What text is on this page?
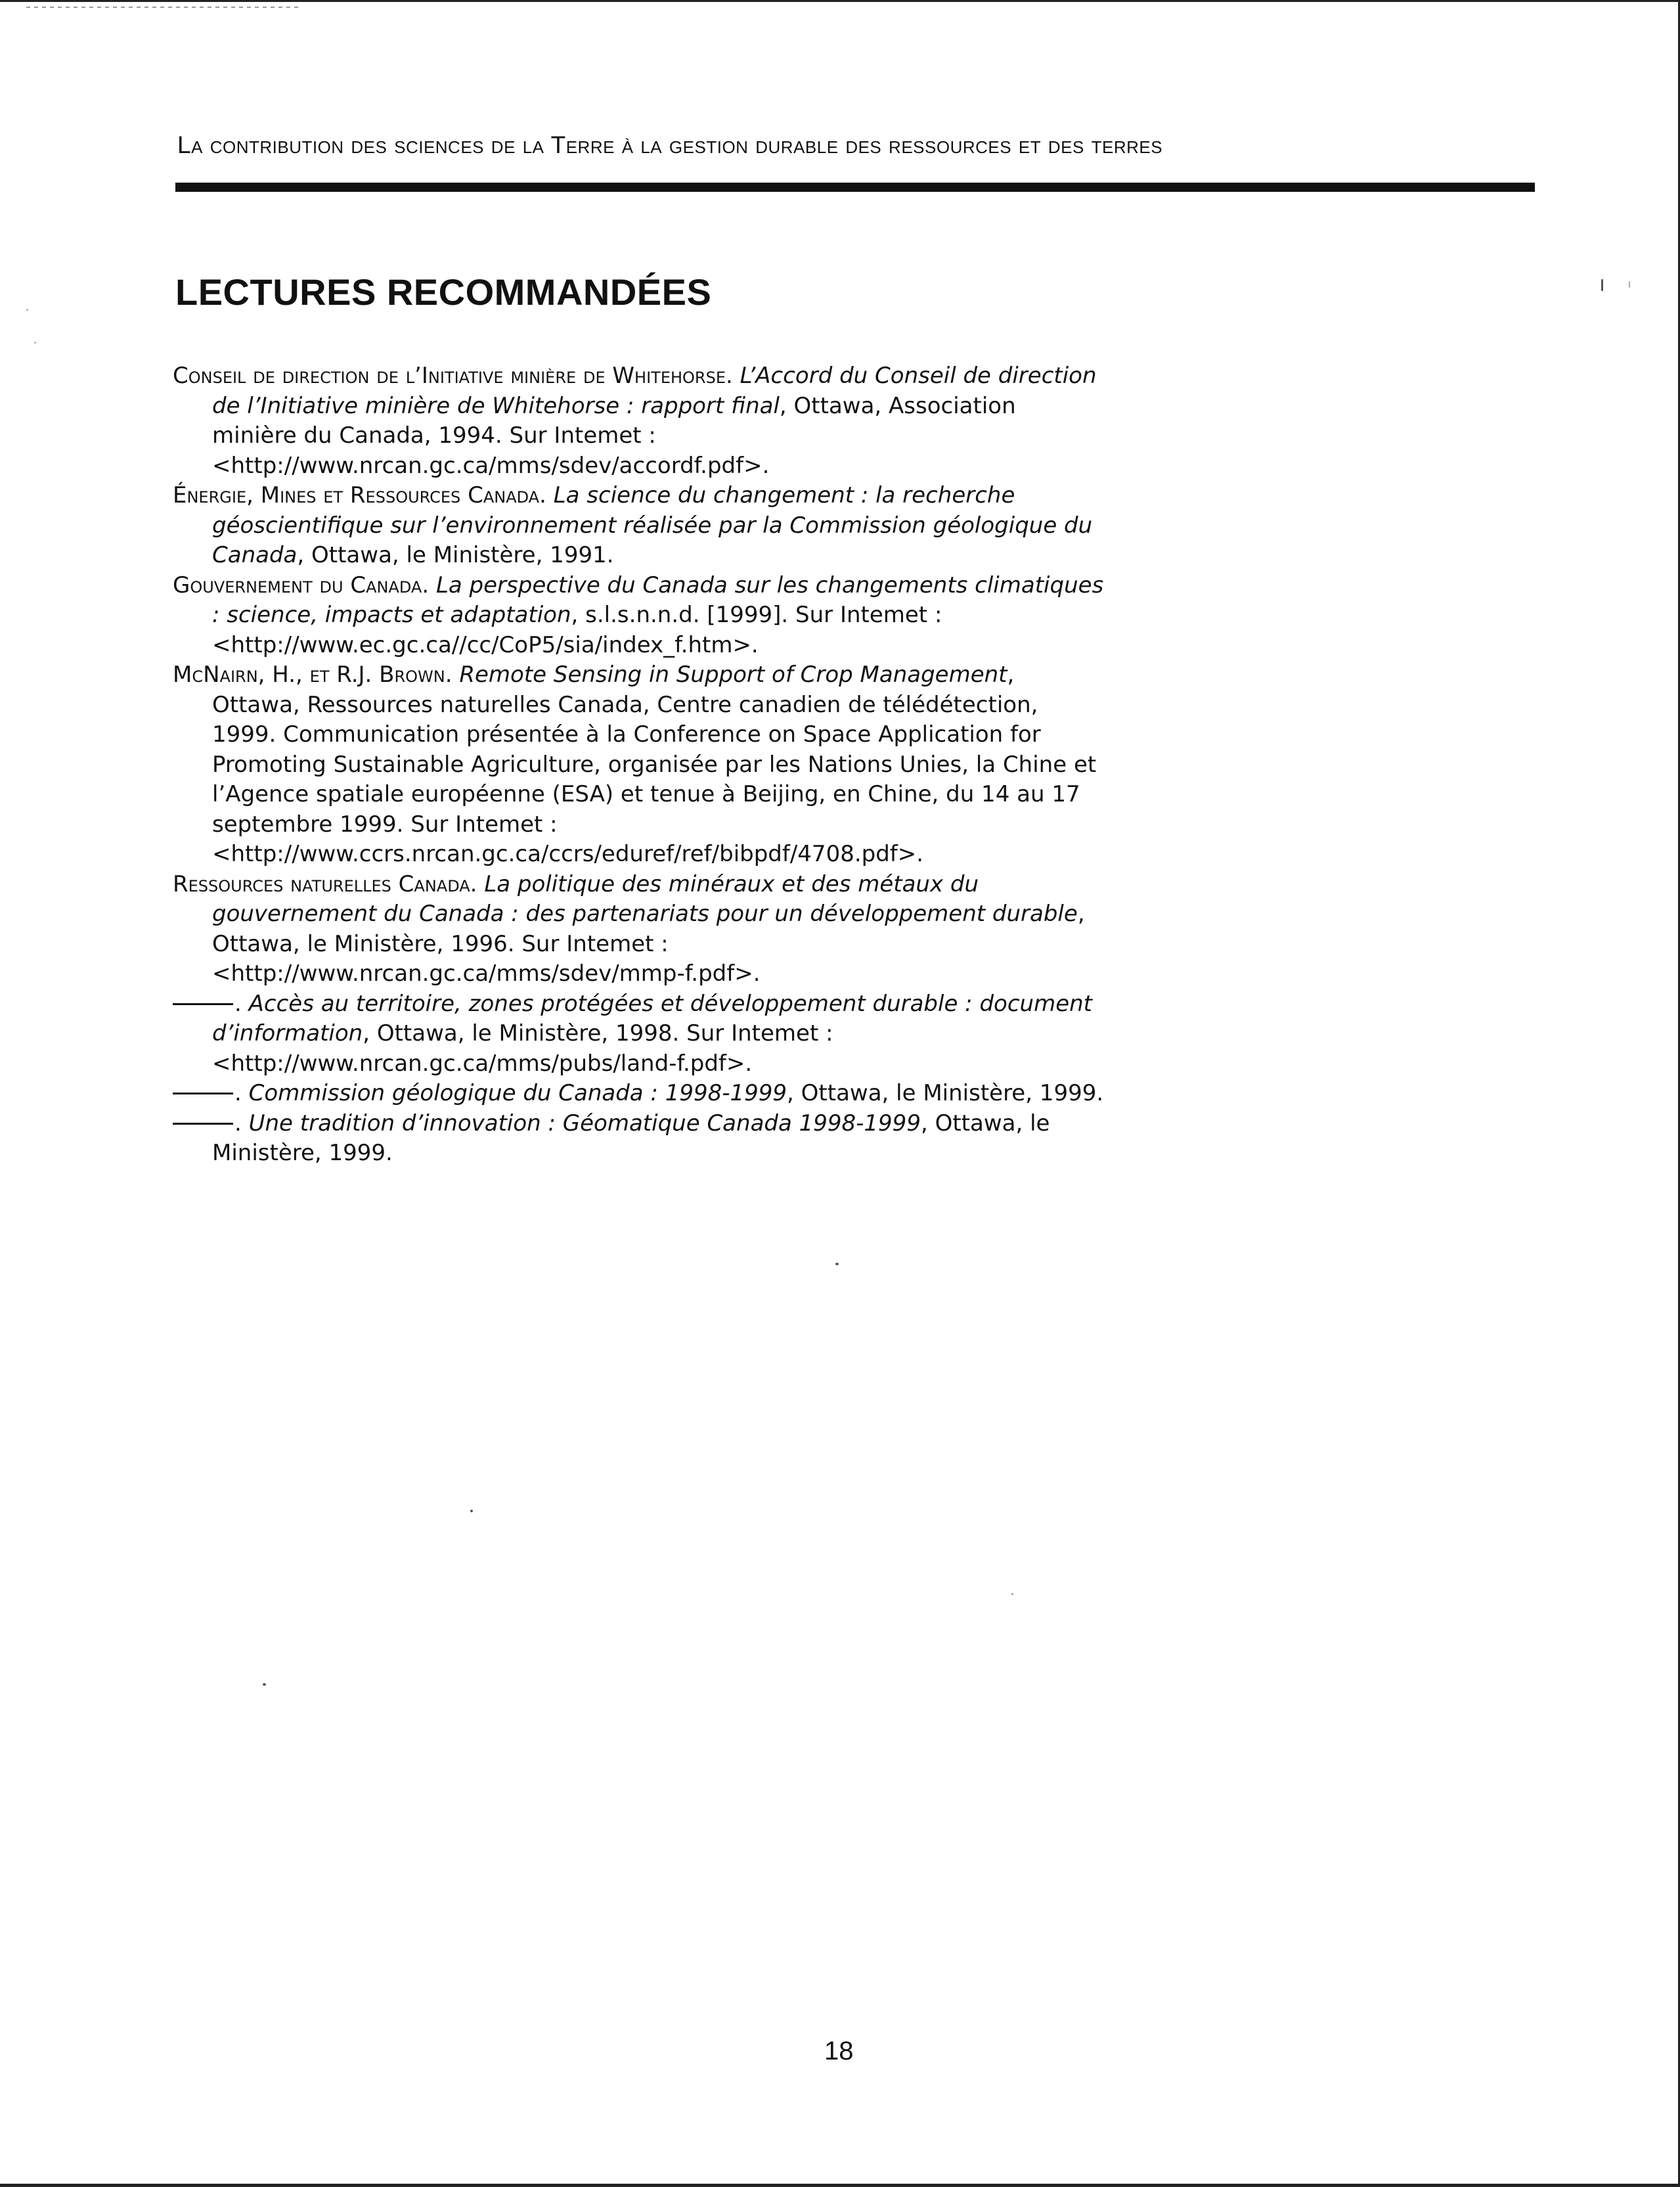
La contribution des sciences de la Terre à la gestion durable des ressources et des terres
LECTURES RECOMMANDÉES
Conseil de direction de l’Initiative minière de Whitehorse. L’Accord du Conseil de direction de l’Initiative minière de Whitehorse : rapport final, Ottawa, Association minière du Canada, 1994. Sur Intemet : <http://www.nrcan.gc.ca/mms/sdev/accordf.pdf>.
Énergie, Mines et Ressources Canada. La science du changement : la recherche géoscientifique sur l’environnement réalisée par la Commission géologique du Canada, Ottawa, le Ministère, 1991.
Gouvernement du Canada. La perspective du Canada sur les changements climatiques : science, impacts et adaptation, s.l.s.n.n.d. [1999]. Sur Intemet : <http://www.ec.gc.ca//cc/CoP5/sia/index_f.htm>.
McNairn, H., et R.J. Brown. Remote Sensing in Support of Crop Management, Ottawa, Ressources naturelles Canada, Centre canadien de télédétection, 1999. Communication présentée à la Conference on Space Application for Promoting Sustainable Agriculture, organisée par les Nations Unies, la Chine et l’Agence spatiale européenne (ESA) et tenue à Beijing, en Chine, du 14 au 17 septembre 1999. Sur Intemet : <http://www.ccrs.nrcan.gc.ca/ccrs/eduref/ref/bibpdf/4708.pdf>.
Ressources naturelles Canada. La politique des minéraux et des métaux du gouvernement du Canada : des partenariats pour un développement durable, Ottawa, le Ministère, 1996. Sur Intemet : <http://www.nrcan.gc.ca/mms/sdev/mmp-f.pdf>.
. Accès au territoire, zones protégées et développement durable : document d’information, Ottawa, le Ministère, 1998. Sur Intemet : <http://www.nrcan.gc.ca/mms/pubs/land-f.pdf>.
. Commission géologique du Canada : 1998-1999, Ottawa, le Ministère, 1999.
. Une tradition d’innovation : Géomatique Canada 1998-1999, Ottawa, le Ministère, 1999.
18
